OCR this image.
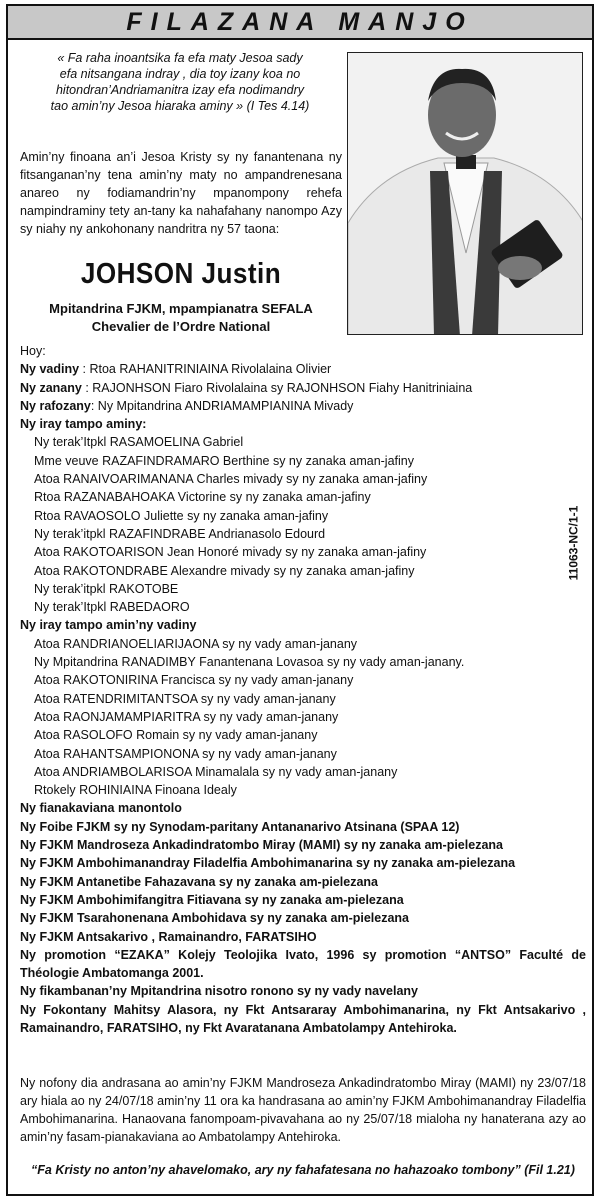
FILAZANA MANJO
« Fa raha inoantsika fa efa maty Jesoa sady
efa nitsangana indray , dia toy izany koa no
hitondran’Andriamanitra izay efa nodimandry
tao amin’ny Jesoa hiaraka aminy » (I Tes 4.14)
Amin’ny finoana an’i Jesoa Kristy sy ny fanantenana ny fitsanganan’ny tena amin’ny maty no ampandrenesana anareo ny fodiamandrin’ny mpanompony rehefa nampindraminy tety an-tany ka nahafahany nanompo Azy sy niahy ny ankohonany nandritra ny 57 taona:
JOHSON Justin
Mpitandrina FJKM, mpampianatra SEFALA
Chevalier de l’Ordre National
Hoy:
Ny vadiny : Rtoa RAHANITRINIAINA Rivolalaina Olivier
Ny zanany : RAJONHSON Fiaro Rivolalaina sy RAJONHSON Fiahy Hanitriniaina
Ny rafozany: Ny Mpitandrina ANDRIAMAMPIANINA Mivady
Ny iray tampo aminy:
Ny terak’Itpkl RASAMOELINA Gabriel
Mme veuve RAZAFINDRAMARO Berthine sy ny zanaka aman-jafiny
Atoa RANAIVOARIMANANA Charles mivady sy ny zanaka aman-jafiny
Rtoa RAZANABAHOAKA Victorine sy ny zanaka aman-jafiny
Rtoa RAVAOSOLO Juliette sy ny zanaka aman-jafiny
Ny terak’itpkl RAZAFINDRABE Andrianasolo Edourd
Atoa RAKOTOARISON Jean Honoré mivady sy ny zanaka aman-jafiny
Atoa RAKOTONDRABE Alexandre mivady sy ny zanaka aman-jafiny
Ny terak’itpkl RAKOTOBE
Ny terak’Itpkl RABEDAORO
Ny iray tampo amin’ny vadiny
Atoa RANDRIANOELIARIJAONA sy ny vady aman-janany
Ny Mpitandrina RANADIMBY Fanantenana Lovasoa sy ny vady aman-janany.
Atoa RAKOTONIRINA Francisca sy ny vady aman-janany
Atoa RATENDRIMITANTSOA sy ny vady aman-janany
Atoa RAONJAMAMPIARITRA sy ny vady aman-janany
Atoa RASOLOFO Romain sy ny vady aman-janany
Atoa RAHANTSAMPIONONA sy ny vady aman-janany
Atoa ANDRIAMBOLARISOA Minamalala sy ny vady aman-janany
Rtokely ROHINIAINA Finoana Idealy
Ny fianakaviana manontolo
Ny Foibe FJKM sy ny Synodam-paritany Antananarivo Atsinana (SPAA 12)
Ny FJKM Mandroseza Ankadindratombo Miray (MAMI) sy ny zanaka am-pielezana
Ny FJKM Ambohimanandray Filadelfia Ambohimanarina sy ny zanaka am-pielezana
Ny FJKM Antanetibe Fahazavana sy ny zanaka am-pielezana
Ny FJKM Ambohimifangitra Fitiavana sy ny zanaka am-pielezana
Ny FJKM Tsarahonenana Ambohidava sy ny zanaka am-pielezana
Ny FJKM Antsakarivo , Ramainandro, FARATSIHO
Ny promotion “EZAKA” Kolejy Teolojika Ivato, 1996 sy promotion “ANTSO” Faculté de Théologie Ambatomanga 2001.
Ny fikambanan’ny Mpitandrina nisotro ronono sy ny vady navelany
Ny Fokontany Mahitsy Alasora, ny Fkt Antsararay Ambohimanarina, ny Fkt Antsakarivo , Ramainandro, FARATSIHO, ny Fkt Avaratanana Ambatolampy Antehiroka.
11063-NC/1-1
Ny nofony dia andrasana ao amin’ny FJKM Mandroseza Ankadindratombo Miray (MAMI) ny 23/07/18 ary hiala ao ny 24/07/18 amin’ny 11 ora ka handrasana ao amin’ny FJKM Ambohimanandray Filadelfia Ambohimanarina. Hanaovana fanompoam-pivavahana ao ny 25/07/18 mialoha ny hanaterana azy ao amin’ny fasam-pianakaviana ao Ambatolampy Antehiroka.
“Fa Kristy no anton’ny ahavelomako, ary ny fahafatesana no hahazoako tombony” (Fil 1.21)
